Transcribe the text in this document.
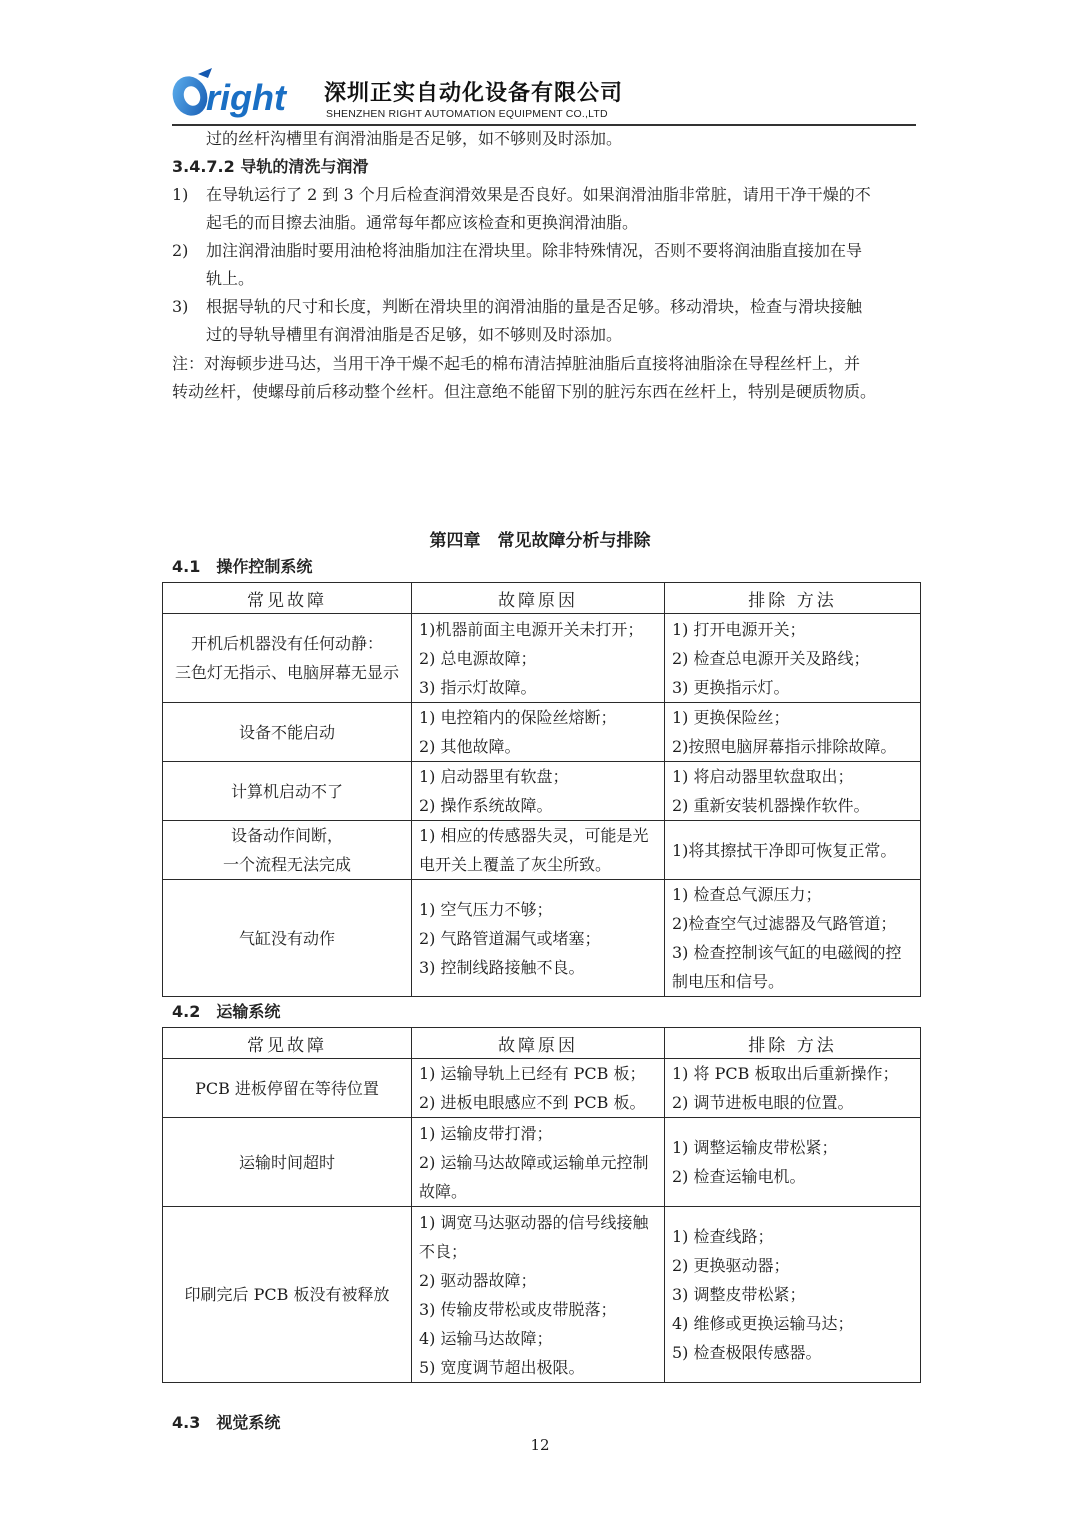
right 深圳正实自动化设备有限公司
SHENZHEN RIGHT AUTOMATION EQUIPMENT CO.,LTD
过的丝杆沟槽里有润滑油脂是否足够，如不够则及时添加。
3.4.7.2 导轨的清洗与润滑
1) 在导轨运行了 2 到 3 个月后检查润滑效果是否良好。如果润滑油脂非常脏，请用干净干燥的不
起毛的而目擦去油脂。通常每年都应该检查和更换润滑油脂。
2) 加注润滑油脂时要用油枪将油脂加注在滑块里。除非特殊情况，否则不要将润油脂直接加在导
轨上。
3) 根据导轨的尺寸和长度，判断在滑块里的润滑油脂的量是否足够。移动滑块，检查与滑块接触
过的导轨导槽里有润滑油脂是否足够，如不够则及时添加。
注：对海顿步进马达，当用干净干燥不起毛的棉布清洁掉脏油脂后直接将油脂涂在导程丝杆上，并
转动丝杆，使螺母前后移动整个丝杆。但注意绝不能留下别的脏污东西在丝杆上，特别是硬质物质。
第四章　常见故障分析与排除
4.1　操作控制系统
常见故障	故障原因	排除 方法

开机后机器没有任何动静：
三色灯无指示、电脑屏幕无显示	1)机器前面主电源开关未打开；
2) 总电源故障；
3) 指示灯故障。	1) 打开电源开关；
2) 检查总电源开关及路线；
3) 更换指示灯。

设备不能启动	1) 电控箱内的保险丝熔断；
2) 其他故障。	1) 更换保险丝；
2)按照电脑屏幕指示排除故障。

计算机启动不了	1) 启动器里有软盘；
2) 操作系统故障。	1) 将启动器里软盘取出；
2) 重新安装机器操作软件。

设备动作间断，
一个流程无法完成	1) 相应的传感器失灵，可能是光电开关上覆盖了灰尘所致。	1)将其擦拭干净即可恢复正常。

气缸没有动作	1) 空气压力不够；
2) 气路管道漏气或堵塞；
3) 控制线路接触不良。	1) 检查总气源压力；
2)检查空气过滤器及气路管道；
3) 检查控制该气缸的电磁阀的控制电压和信号。
4.2　运输系统
常见故障	故障原因	排除 方法

PCB 进板停留在等待位置	1) 运输导轨上已经有 PCB 板；
2) 进板电眼感应不到 PCB 板。	1) 将 PCB 板取出后重新操作；
2) 调节进板电眼的位置。

运输时间超时	1) 运输皮带打滑；
2) 运输马达故障或运输单元控制故障。	1) 调整运输皮带松紧；
2) 检查运输电机。

印刷完后 PCB 板没有被释放	1) 调宽马达驱动器的信号线接触不良；
2) 驱动器故障；
3) 传输皮带松或皮带脱落；
4) 运输马达故障；
5) 宽度调节超出极限。	1) 检查线路；
2) 更换驱动器；
3) 调整皮带松紧；
4) 维修或更换运输马达；
5) 检查极限传感器。
4.3　视觉系统
12
